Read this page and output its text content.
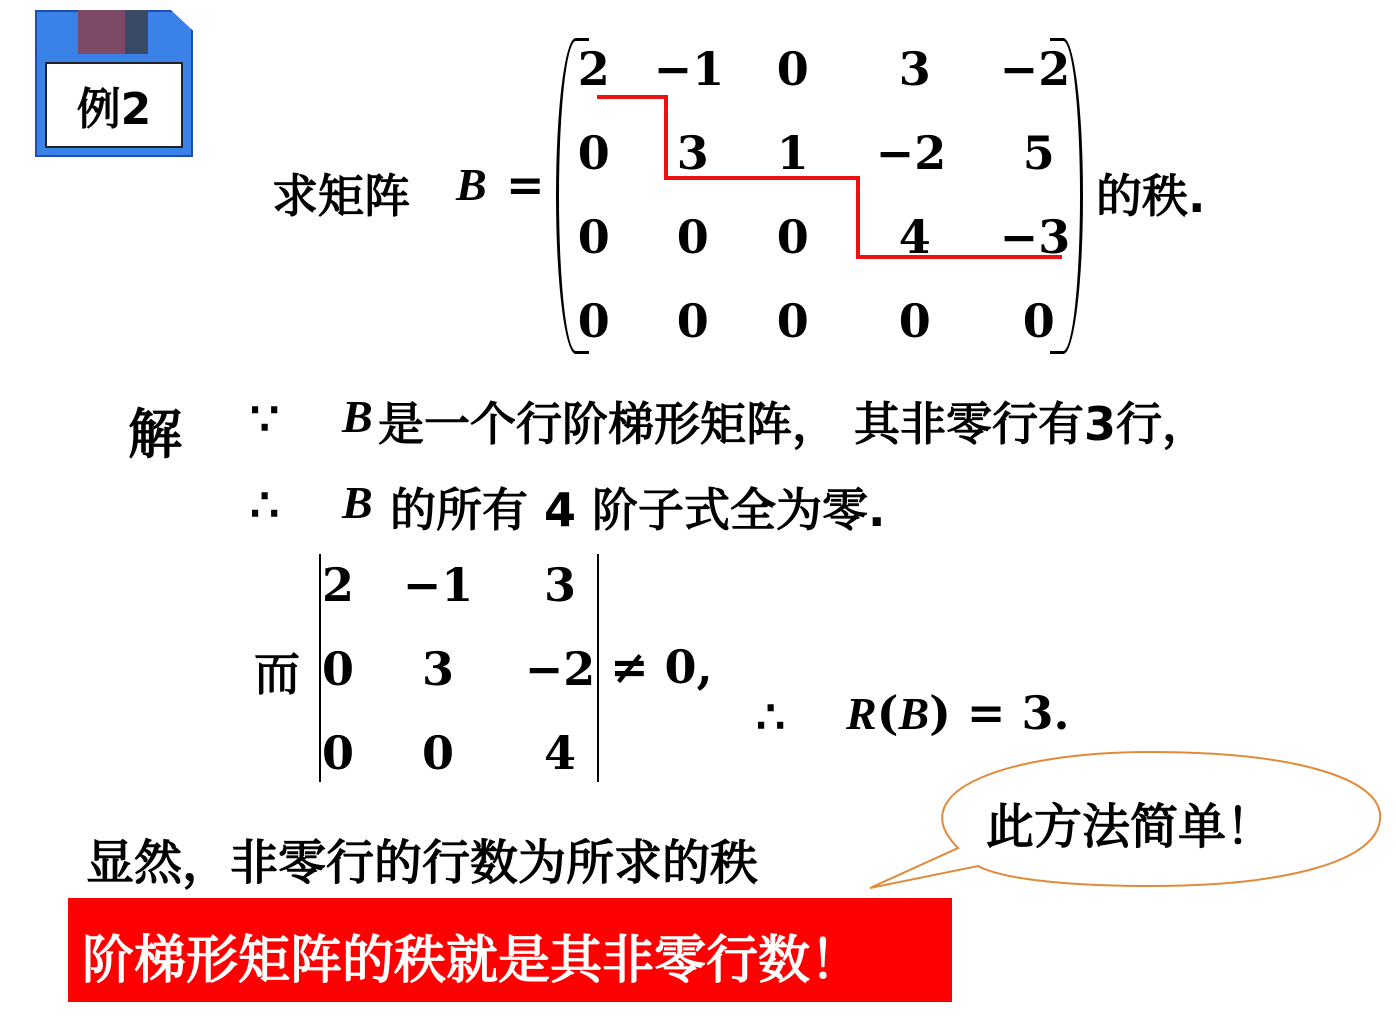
例2
求矩阵 B =	的秩.
2 −1 0 3 −2
0 3 1 −2 5
0 0 0 4 −3
0 0 0 0 0
解 ∵ B 是一个行阶梯形矩阵， 其非零行有3行，
∴ B 的所有 4 阶子式全为零.
而
2 −1 3
0 3 −2
0 0 4
≠ 0,
∴ R(B) = 3.
此方法简单！
显然，非零行的行数为所求的秩
阶梯形矩阵的秩就是其非零行数！
